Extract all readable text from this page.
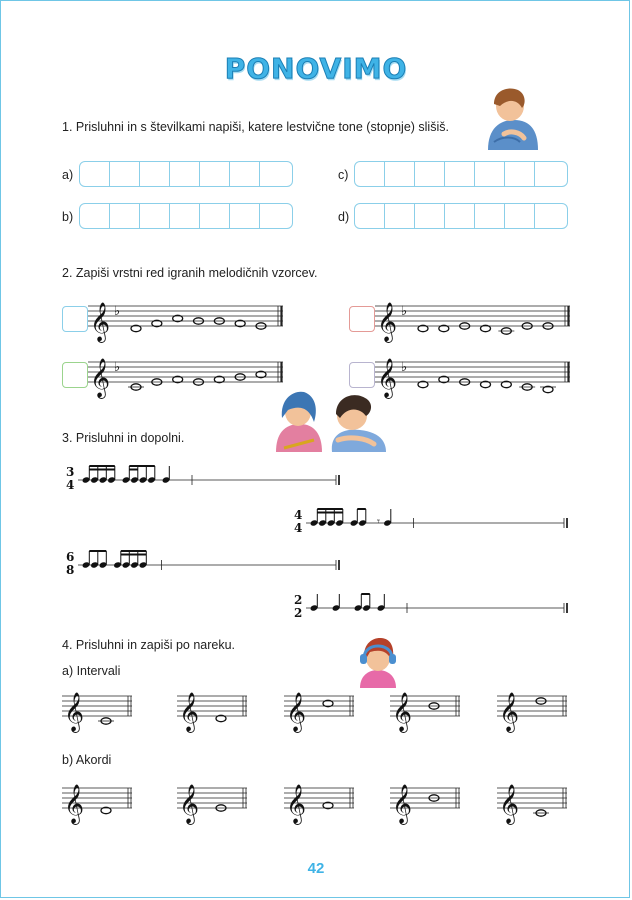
PONOVIMO
1. Prisluhni in s številkami napiši, katere lestvične tone (stopnje) slišiš.
a)
b)
c)
d)
2. Zapiši vrstni red igranih melodičnih vzorcev.
𝄞 ♭	𝄞 ♭
𝄞 ♭	𝄞 ♭
3. Prisluhni in dopolni.
3
4
4
4	𝄾
6
8
2
2
4. Prisluhni in zapiši po nareku.
a) Intervali
𝄞	𝄞	𝄞	𝄞	𝄞
b) Akordi
𝄞	𝄞	𝄞	𝄞	𝄞
42
